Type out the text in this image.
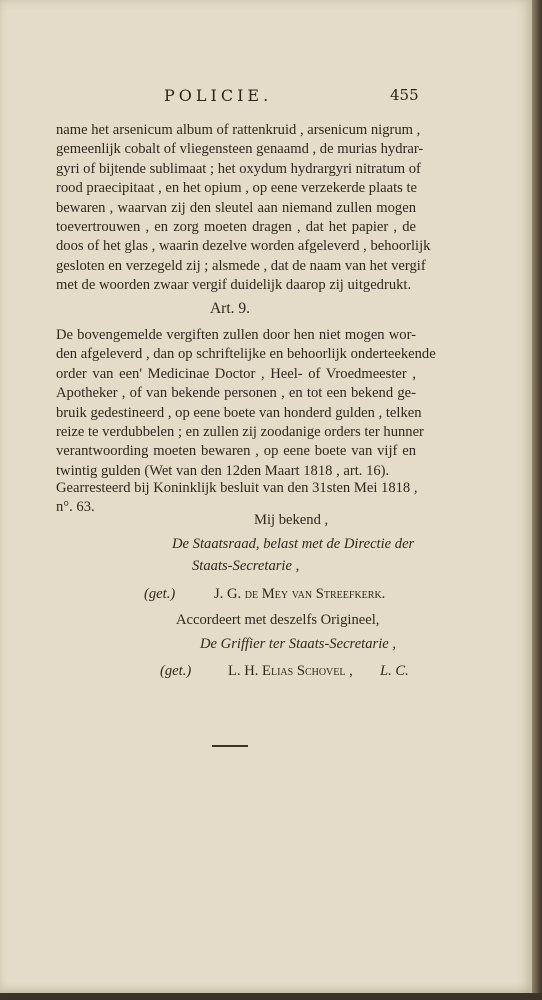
POLICIE.	455
name het arsenicum album of rattenkruid , arsenicum nigrum ,
gemeenlijk cobalt of vliegensteen genaamd , de murias hydrar-
gyri of bijtende sublimaat ; het oxydum hydrargyri nitratum of
rood praecipitaat , en het opium , op eene verzekerde plaats te
bewaren , waarvan zij den sleutel aan niemand zullen mogen
toevertrouwen , en zorg moeten dragen , dat het papier , de
doos of het glas , waarin dezelve worden afgeleverd , behoorlijk
gesloten en verzegeld zij ; alsmede , dat de naam van het vergif
met de woorden zwaar vergif duidelijk daarop zij uitgedrukt.
Art. 9.
De bovengemelde vergiften zullen door hen niet mogen wor-
den afgeleverd , dan op schriftelijke en behoorlijk onderteekende
order van een' Medicinae Doctor , Heel- of Vroedmeester ,
Apotheker , of van bekende personen , en tot een bekend ge-
bruik gedestineerd , op eene boete van honderd gulden , telken
reize te verdubbelen ; en zullen zij zoodanige orders ter hunner
verantwoording moeten bewaren , op eene boete van vijf en
twintig gulden (Wet van den 12den Maart 1818 , art. 16).
Gearresteerd bij Koninklijk besluit van den 31sten Mei 1818 ,
n°. 63.
Mij bekend ,
De Staatsraad, belast met de Directie der
Staats-Secretarie ,
(get.)	J. G. de Mey van Streefkerk.
Accordeert met deszelfs Origineel,
De Griffier ter Staats-Secretarie ,
(get.)	L. H. Elias Schovel , L. C.
